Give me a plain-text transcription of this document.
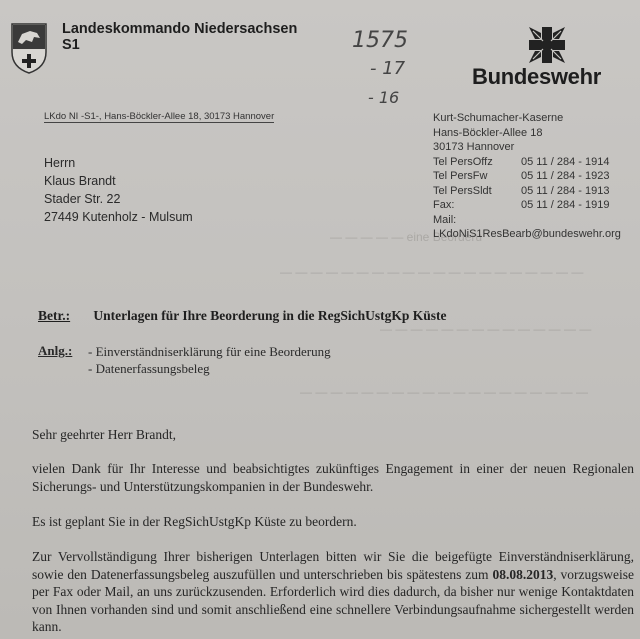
— — — — — eine Beorderu
— — — — — — — — — — — — — — — — — — — —
— — — — — — — — — — — — — —
— — — — — — — — — — — — — — — — — — —
Landeskommando Niedersachsen
S1	1575
- 17
- 16
Bundeswehr
LKdo NI -S1-, Hans-Böckler-Allee 18, 30173 Hannover
Herrn
Klaus Brandt
Stader Str. 22
27449 Kutenholz - Mulsum
Kurt-Schumacher-Kaserne
Hans-Böckler-Allee 18
30173 Hannover
Tel PersOffz	05 11 / 284 - 1914
Tel PersFw	05 11 / 284 - 1923
Tel PersSldt	05 11 / 284 - 1913
Fax:	05 11 / 284 - 1919
Mail:
LKdoNiS1ResBearb@bundeswehr.org
Betr.: Unterlagen für Ihre Beorderung in die RegSichUstgKp Küste
Anlg.: - Einverständniserklärung für eine Beorderung
- Datenerfassungsbeleg
Sehr geehrter Herr Brandt,
vielen Dank für Ihr Interesse und beabsichtigtes zukünftiges Engagement in einer der neuen Regionalen Sicherungs- und Unterstützungskompanien in der Bundeswehr.
Es ist geplant Sie in der RegSichUstgKp Küste zu beordern.
Zur Vervollständigung Ihrer bisherigen Unterlagen bitten wir Sie die beigefügte Einverständniserklärung, sowie den Datenerfassungsbeleg auszufüllen und unterschrieben bis spätestens zum 08.08.2013, vorzugsweise per Fax oder Mail, an uns zurückzusenden. Erforderlich wird dies dadurch, da bisher nur wenige Kontaktdaten von Ihnen vorhanden sind und somit anschließend eine schnellere Verbindungsaufnahme sichergestellt werden kann.
